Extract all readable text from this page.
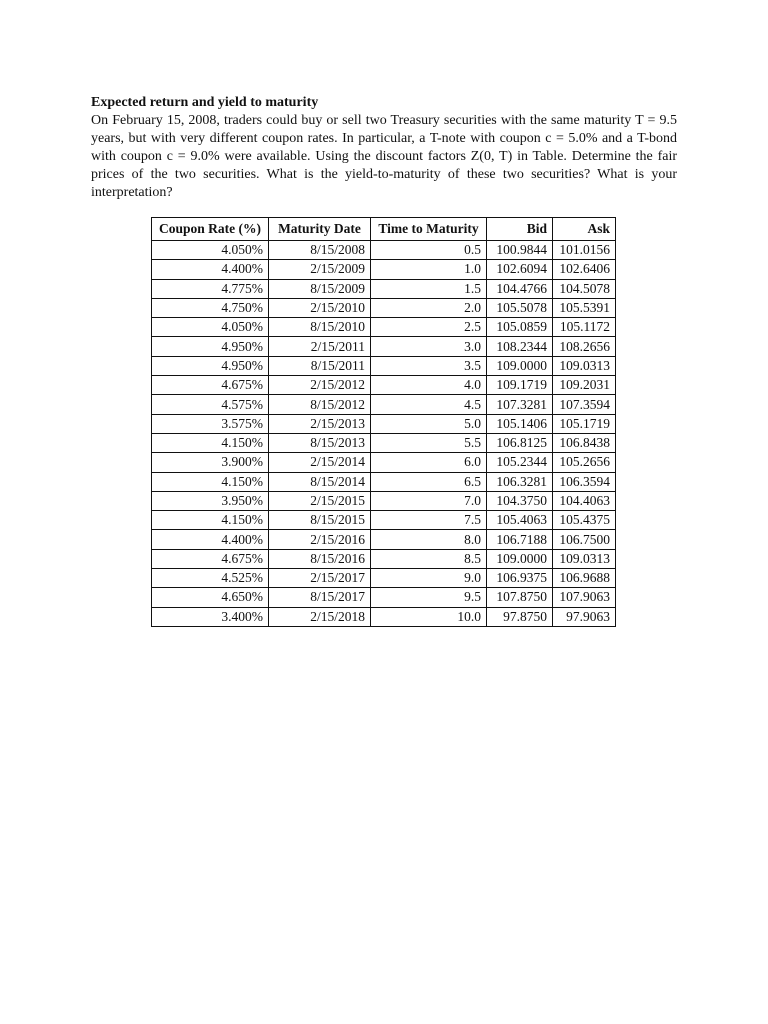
Expected return and yield to maturity

On February 15, 2008, traders could buy or sell two Treasury securities with the same maturity T = 9.5 years, but with very different coupon rates. In particular, a T-note with coupon c = 5.0% and a T-bond with coupon c = 9.0% were available. Using the discount factors Z(0, T) in Table. Determine the fair prices of the two securities. What is the yield-to-maturity of these two securities? What is your interpretation?

Coupon Rate (%)	Maturity Date	Time to Maturity	Bid	Ask
4.050%	8/15/2008	0.5	100.9844	101.0156
4.400%	2/15/2009	1.0	102.6094	102.6406
4.775%	8/15/2009	1.5	104.4766	104.5078
4.750%	2/15/2010	2.0	105.5078	105.5391
4.050%	8/15/2010	2.5	105.0859	105.1172
4.950%	2/15/2011	3.0	108.2344	108.2656
4.950%	8/15/2011	3.5	109.0000	109.0313
4.675%	2/15/2012	4.0	109.1719	109.2031
4.575%	8/15/2012	4.5	107.3281	107.3594
3.575%	2/15/2013	5.0	105.1406	105.1719
4.150%	8/15/2013	5.5	106.8125	106.8438
3.900%	2/15/2014	6.0	105.2344	105.2656
4.150%	8/15/2014	6.5	106.3281	106.3594
3.950%	2/15/2015	7.0	104.3750	104.4063
4.150%	8/15/2015	7.5	105.4063	105.4375
4.400%	2/15/2016	8.0	106.7188	106.7500
4.675%	8/15/2016	8.5	109.0000	109.0313
4.525%	2/15/2017	9.0	106.9375	106.9688
4.650%	8/15/2017	9.5	107.8750	107.9063
3.400%	2/15/2018	10.0	97.8750	97.9063
